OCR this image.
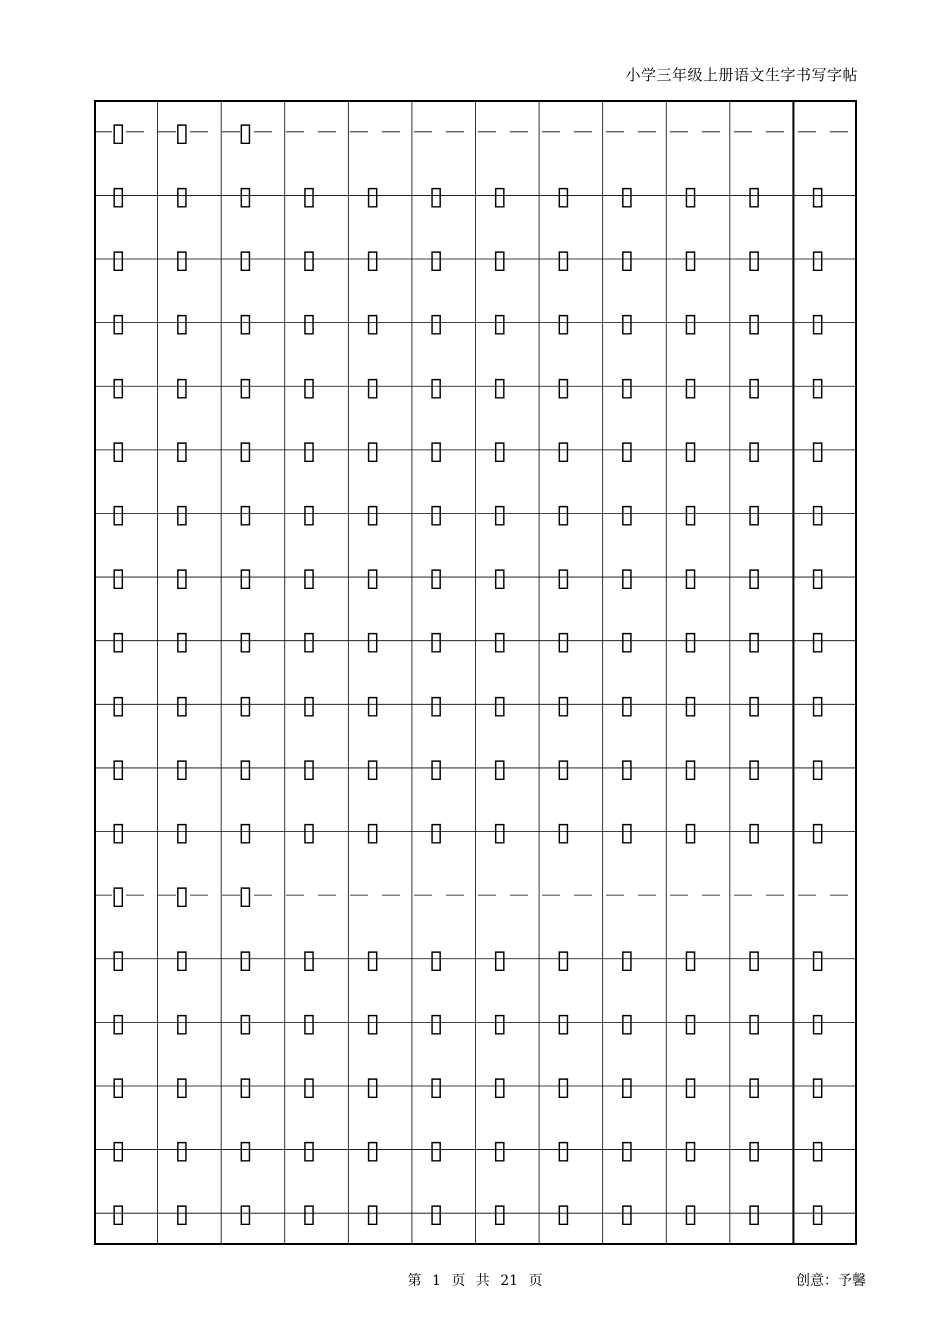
小学三年级上册语文生字书写字帖
▯ ▯ ▯
▯ ▯ ▯ ▯ ▯ ▯ ▯ ▯ ▯ ▯ ▯ ▯
▯ ▯ ▯ ▯ ▯ ▯ ▯ ▯ ▯ ▯ ▯ ▯
▯ ▯ ▯ ▯ ▯ ▯ ▯ ▯ ▯ ▯ ▯ ▯
▯ ▯ ▯ ▯ ▯ ▯ ▯ ▯ ▯ ▯ ▯ ▯
▯ ▯ ▯ ▯ ▯ ▯ ▯ ▯ ▯ ▯ ▯ ▯
▯ ▯ ▯ ▯ ▯ ▯ ▯ ▯ ▯ ▯ ▯ ▯
▯ ▯ ▯ ▯ ▯ ▯ ▯ ▯ ▯ ▯ ▯ ▯
▯ ▯ ▯ ▯ ▯ ▯ ▯ ▯ ▯ ▯ ▯ ▯
▯ ▯ ▯ ▯ ▯ ▯ ▯ ▯ ▯ ▯ ▯ ▯
▯ ▯ ▯ ▯ ▯ ▯ ▯ ▯ ▯ ▯ ▯ ▯
▯ ▯ ▯ ▯ ▯ ▯ ▯ ▯ ▯ ▯ ▯ ▯
▯ ▯ ▯
▯ ▯ ▯ ▯ ▯ ▯ ▯ ▯ ▯ ▯ ▯ ▯
▯ ▯ ▯ ▯ ▯ ▯ ▯ ▯ ▯ ▯ ▯ ▯
▯ ▯ ▯ ▯ ▯ ▯ ▯ ▯ ▯ ▯ ▯ ▯
▯ ▯ ▯ ▯ ▯ ▯ ▯ ▯ ▯ ▯ ▯ ▯
▯ ▯ ▯ ▯ ▯ ▯ ▯ ▯ ▯ ▯ ▯ ▯
第 1 页 共 21 页	创意：予馨
